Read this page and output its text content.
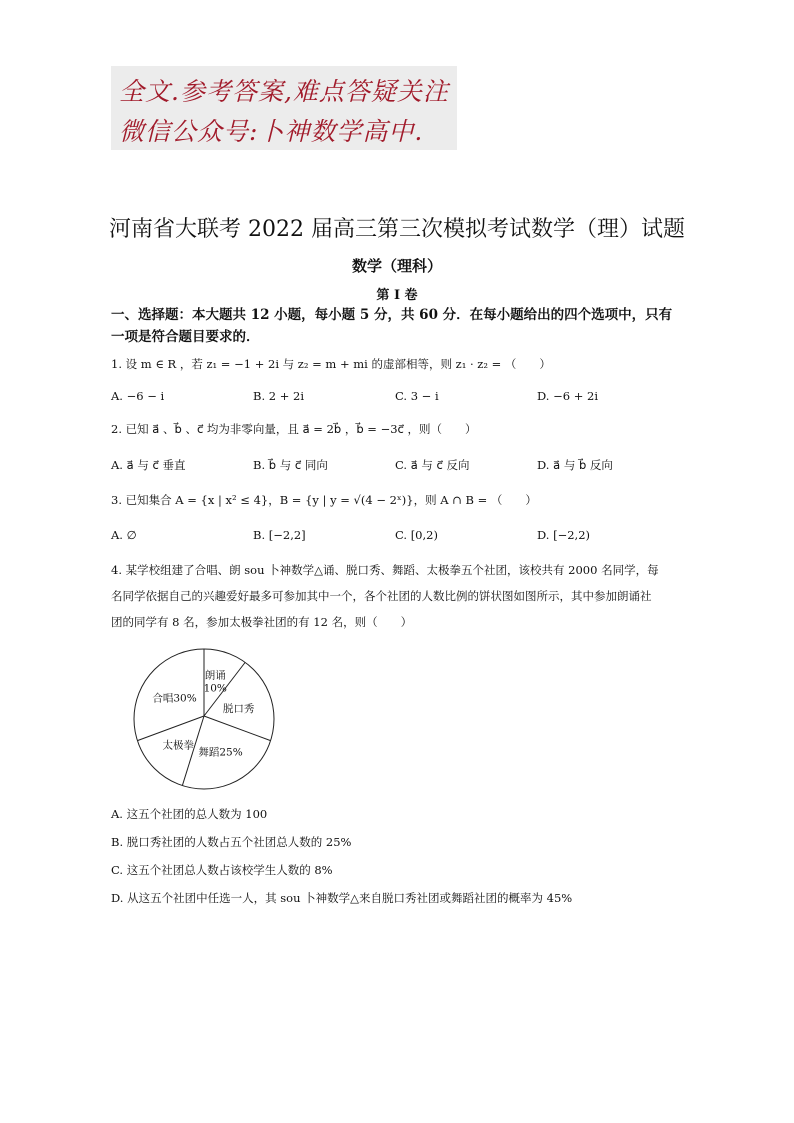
全文.参考答案,难点答疑关注
微信公众号:卜神数学高中.
河南省大联考 2022 届高三第三次模拟考试数学（理）试题
数学（理科）
第 I 卷
一、选择题：本大题共 12 小题，每小题 5 分，共 60 分．在每小题给出的四个选项中，只有一项是符合题目要求的．
1. 设 m ∈ R ，若 z₁ = −1 + 2i 与 z₂ = m + mi 的虚部相等，则 z₁ · z₂ = （　　）
A. −6 − i	B. 2 + 2i	C. 3 − i	D. −6 + 2i
2. 已知 a⃗ 、b⃗ 、c⃗ 均为非零向量，且 a⃗ = 2b⃗ ，b⃗ = −3c⃗ ，则（　　）
A. a⃗ 与 c⃗ 垂直	B. b⃗ 与 c⃗ 同向	C. a⃗ 与 c⃗ 反向	D. a⃗ 与 b⃗ 反向
3. 已知集合 A = {x | x² ≤ 4}，B = {y | y = √(4 − 2ˣ)}，则 A ∩ B = （　　）
A. ∅	B. [−2,2]	C. [0,2)	D. [−2,2)
4. 某学校组建了合唱、朗 sou 卜神数学△诵、脱口秀、舞蹈、太极拳五个社团，该校共有 2000 名同学，每
名同学依据自己的兴趣爱好最多可参加其中一个，各个社团的人数比例的饼状图如图所示，其中参加朗诵社
团的同学有 8 名，参加太极拳社团的有 12 名，则（　　）
朗诵 10%
脱口秀
舞蹈25%
太极拳
合唱30%
A. 这五个社团的总人数为 100
B. 脱口秀社团的人数占五个社团总人数的 25%
C. 这五个社团总人数占该校学生人数的 8%
D. 从这五个社团中任选一人，其 sou 卜神数学△来自脱口秀社团或舞蹈社团的概率为 45%
